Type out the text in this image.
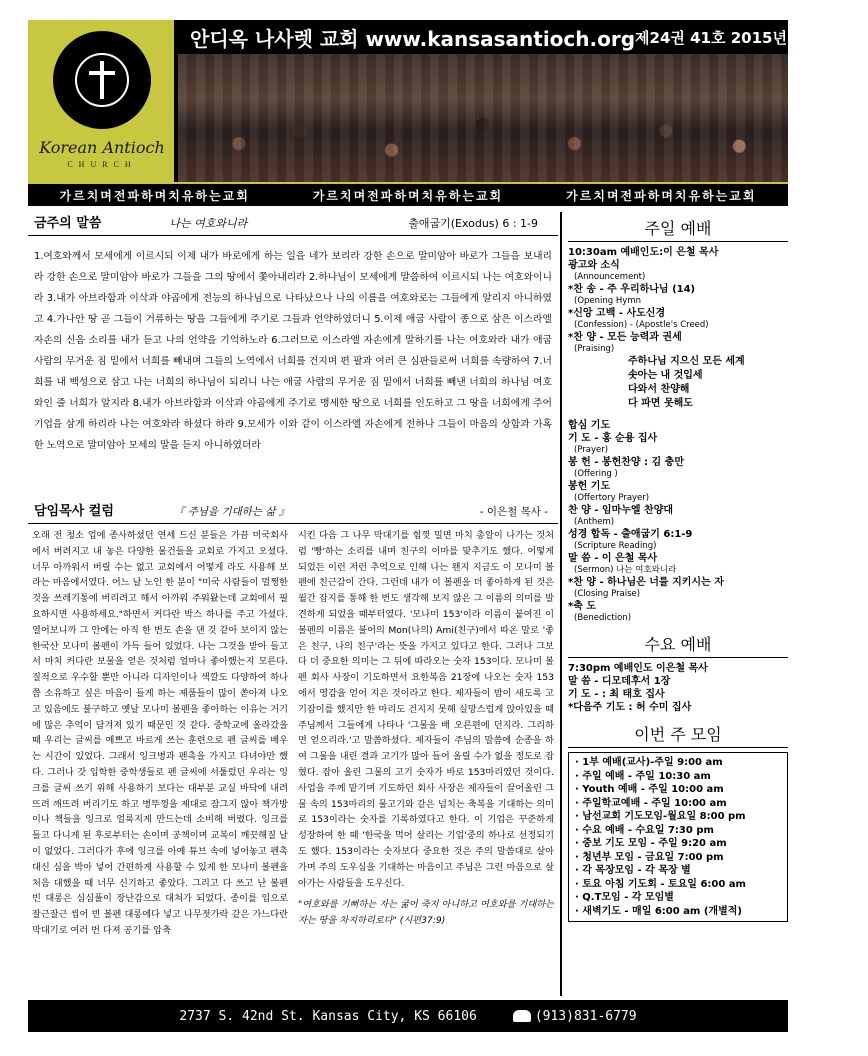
Korean Antioch
CHURCH
안디옥 나사렛 교회 www.kansasantioch.org 제24권 41호 2015년 10월 11일
가르치며전파하며치유하는교회	가르치며전파하며치유하는교회	가르치며전파하며치유하는교회
금주의 말씀	나는 여호와니라	출애굽기(Exodus) 6 : 1-9
1.여호와께서 모세에게 이르시되 이제 내가 바로에게 하는 일을 네가 보리라 강한 손으로 말미암아 바로가 그들을 보내리라 강한 손으로 말미암아 바로가 그들을 그의 땅에서 쫓아내리라 2.하나님이 모세에게 말씀하여 이르시되 나는 여호와이니라 3.내가 아브라함과 이삭과 야곱에게 전능의 하나님으로 나타났으나 나의 이름을 여호와로는 그들에게 알리지 아니하였고 4.가나안 땅 곧 그들이 거류하는 땅을 그들에게 주기로 그들과 언약하였더니 5.이제 애굽 사람이 종으로 삼은 이스라엘 자손의 신음 소리를 내가 듣고 나의 언약을 기억하노라 6.그러므로 이스라엘 자손에게 말하기를 나는 여호와라 내가 애굽 사람의 무거운 짐 밑에서 너희를 빼내며 그들의 노역에서 너희를 건지며 편 팔과 여러 큰 심판들로써 너희를 속량하여 7.너희를 내 백성으로 삼고 나는 너희의 하나님이 되리니 나는 애굽 사람의 무거운 짐 밑에서 너희를 빼낸 너희의 하나님 여호와인 줄 너희가 알지라 8.내가 아브라함과 이삭과 야곱에게 주기로 맹세한 땅으로 너희를 인도하고 그 땅을 너희에게 주어 기업을 삼게 하리라 나는 여호와라 하셨다 하라 9.모세가 이와 같이 이스라엘 자손에게 전하나 그들이 마음의 상함과 가혹한 노역으로 말미암아 모세의 말을 듣지 아니하였더라
담임목사 컬럼	『 주님을 기대하는 삶 』	- 이은철 목사 -
오래 전 청소 업에 종사하셨던 연세 드신 분들은 가끔 미국회사에서 버려지고 내 놓은 다양한 물건들을 교회로 가지고 오셨다. 너무 아까워서 버릴 수는 없고 교회에서 어떻게 라도 사용해 보라는 마음에서였다. 어느 날 노인 한 분이 "미국 사람들이 멀쩡한 것을 쓰레기통에 버리려고 해서 아까워 주워왔는데 교회에서 필요하시면 사용하세요."하면서 커다란 박스 하나를 주고 가셨다. 열어보니까 그 안에는 아직 한 번도 손을 댄 것 같아 보이지 않는 한국산 모나미 볼펜이 가득 들어 있었다. 나는 그것을 받아 들고서 마치 커다란 보물을 얻은 것처럼 얼마나 좋아했는지 모른다. 질적으로 우수할 뿐만 아니라 디자인이나 색깔도 다양하여 하나쯤 소유하고 싶은 마음이 들게 하는 제품들이 많이 쏟아져 나오고 있음에도 불구하고 옛날 모나미 볼펜을 좋아하는 이유는 거기에 많은 추억이 담겨져 있기 때문인 것 같다. 중학교에 올라갔을 때 우리는 글씨를 예쁘고 바르게 쓰는 훈련으로 펜 글씨를 배우는 시간이 있었다. 그래서 잉크병과 펜촉을 가지고 다녀야만 했다. 그러나 갓 입학한 중학생들로 펜 글씨에 서툴렀던 우리는 잉크를 글씨 쓰기 위해 사용하기 보다는 대부분 교실 바닥에 내려뜨려 깨뜨려 버리기도 하고 병뚜껑을 제대로 잠그지 않아 책가방이나 책들을 잉크로 얼룩지게 만드는데 소비해 버렸다. 잉크를 들고 다니게 된 후로부터는 손이며 공책이며 교복이 깨끗해질 날이 없었다. 그러다가 후에 잉크를 아예 튜브 속에 넣어놓고 펜촉대신 심을 박아 넣어 간편하게 사용할 수 있게 한 모나미 볼펜을 처음 대했을 때 너무 신기하고 좋았다. 그리고 다 쓰고 난 볼펜 빈 대롱은 심심풀이 장난감으로 대쳐가 되었다. 종이를 입으로 잘근잘근 씹어 빈 볼펜 대롱에다 넣고 나무젓가락 같은 가느다란 막대기로 여러 번 다져 공기를 압축

시킨 다음 그 나무 막대기를 힘껏 밀면 마치 총알이 나가는 것처럼 '빵'하는 소리를 내며 친구의 이마를 맞추기도 했다. 어떻게 되었든 이런 저런 추억으로 인해 나는 왠지 지금도 이 모나미 볼펜에 친근감이 간다. 그런데 내가 이 볼펜을 더 좋아하게 된 것은 월간 잡지를 통해 한 번도 생각해 보지 않은 그 이름의 의미를 발견하게 되었을 때부터였다. '모나미 153'이라 이름이 붙여진 이 볼펜의 이름은 불어의 Mon(나의) Ami(친구)에서 따온 말로 '좋은 친구, 나의 친구'라는 뜻을 가지고 있다고 한다. 그러나 그보다 더 중요한 의미는 그 뒤에 따라오는 숫자 153이다. 모나미 볼펜 회사 사장이 기도하면서 요한복음 21장에 나오는 숫자 153에서 영감을 얻어 지은 것이라고 한다. 제자들이 밤이 새도록 고기잡이를 했지만 한 마리도 건지지 못해 실망스럽게 앉아있을 때 주님께서 그들에게 나타나 '그물을 배 오른편에 던지라. 그리하면 얻으리라.'고 말씀하셨다. 제자들이 주님의 말씀에 순종을 하여 그물을 내린 결과 고기가 많아 들어 올릴 수가 없을 정도로 잡혔다. 잡아 올린 그물의 고기 숫자가 바로 153마리였던 것이다. 사업을 주께 맡기며 기도하던 회사 사장은 제자들이 끌어올린 그물 속의 153마리의 물고기와 같은 넘치는 축복을 기대하는 의미로 153이라는 숫자를 기록하였다고 한다. 이 기업은 꾸준하게 성장하여 한 때 '한국을 먹어 살리는 기업'중의 하나로 선정되기도 했다. 153이라는 숫자보다 중요한 것은 주의 말씀대로 살아가며 주의 도우심을 기대하는 마음이고 주님은 그런 마음으로 살아가는 사람들을 도우신다.

"여호와를 기뻐하는 자는 굶어 죽지 아니하고 여호와를 기대하는 자는 땅을 차지하리로다" (시편37:9)

주일 예배
10:30am 예배인도:이 은철 목사
광고와 소식
(Announcement)
*찬 송 - 주 우리하나님 (14)
(Opening Hymn
*신앙 고백 - 사도신경
(Confession) - (Apostle's Creed)
*찬 양 - 모든 능력과 권세
(Praising)
주하나님 지으신 모든 세계
솟아는 내 것입세
다와서 찬양해
다 파면 못해도
합심 기도
기 도 - 홍 순용 집사
(Prayer)
봉 헌 - 봉헌찬양 : 김 충만
(Offering )
봉헌 기도
(Offertory Prayer)
찬 양 - 임마누엘 찬양대
(Anthem)
성경 합독 - 출애굽기 6:1-9
(Scripture Reading)
말 씀 - 이 은철 목사
(Sermon) 나는 여호와니라
*찬 양 - 하나님은 너를 지키시는 자
(Closing Praise)
*축 도
(Benediction)
수요 예배
7:30pm 예배인도 이은철 목사
말 씀 - 디모데후서 1장
기 도 - : 최 태호 집사
*다음주 기도 : 허 수미 집사
이번 주 모임
· 1부 예배(교사)-주일 9:00 am
· 주일 예배 - 주일 10:30 am
· Youth 예배 - 주일 10:00 am
· 주일학교예배 - 주일 10:00 am
· 남선교회 기도모임-월요일 8:00 pm
· 수요 예배 - 수요일 7:30 pm
· 중보 기도 모임 - 주일 9:20 am
· 청년부 모임 - 금요일 7:00 pm
· 각 목장모임 - 각 목장 별
· 토요 아침 기도회 - 토요일 6:00 am
· Q.T모임 - 각 모임별
· 새벽기도 - 매일 6:00 am (개별적)
2737 S. 42nd St. Kansas City, KS 66106	(913)831-6779
